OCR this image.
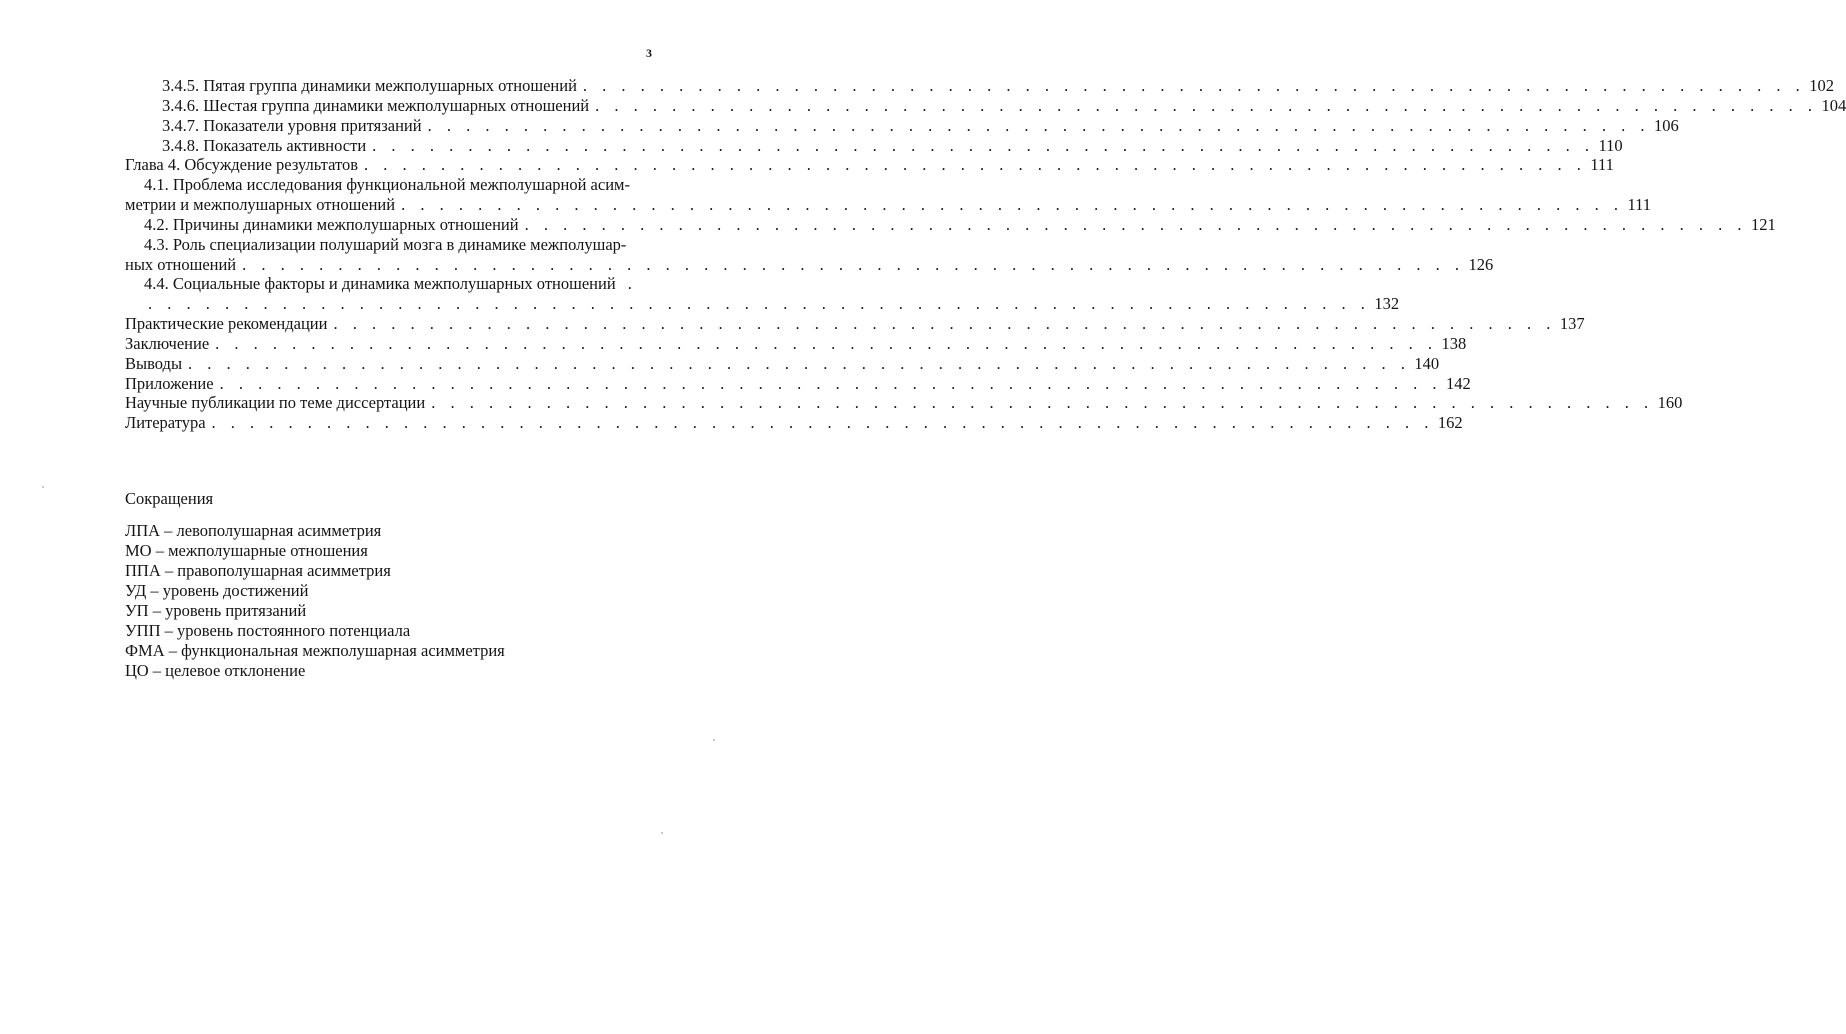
3
3.4.5. Пятая группа динамики межполушарных отношений . . . . . . . . . . . . . . . . . . . . . . . . . . . . . . . . . . . . . . . . . . . . . . . . . . . . . . . . . . . . . . . . 102
3.4.6. Шестая группа динамики межполушарных отношений . . . . . . . . . . . . . . . . . . . . . . . . . . . . . . . . . . . . . . . . . . . . . . . . . . . . . . . . . . . . . . . . 104
3.4.7. Показатели уровня притязаний . . . . . . . . . . . . . . . . . . . . . . . . . . . . . . . . . . . . . . . . . . . . . . . . . . . . . . . . . . . . . . . . 106
3.4.8. Показатель активности . . . . . . . . . . . . . . . . . . . . . . . . . . . . . . . . . . . . . . . . . . . . . . . . . . . . . . . . . . . . . . . . 110
Глава 4. Обсуждение результатов . . . . . . . . . . . . . . . . . . . . . . . . . . . . . . . . . . . . . . . . . . . . . . . . . . . . . . . . . . . . . . . . 111
4.1. Проблема исследования функциональной межполушарной асим-
метрии и межполушарных отношений . . . . . . . . . . . . . . . . . . . . . . . . . . . . . . . . . . . . . . . . . . . . . . . . . . . . . . . . . . . . . . . . 111
4.2. Причины динамики межполушарных отношений . . . . . . . . . . . . . . . . . . . . . . . . . . . . . . . . . . . . . . . . . . . . . . . . . . . . . . . . . . . . . . . . 121
4.3. Роль специализации полушарий мозга в динамике межполушар-
ных отношений . . . . . . . . . . . . . . . . . . . . . . . . . . . . . . . . . . . . . . . . . . . . . . . . . . . . . . . . . . . . . . . . 126
4.4. Социальные факторы и динамика межполушарных отношений .
. . . . . . . . . . . . . . . . . . . . . . . . . . . . . . . . . . . . . . . . . . . . . . . . . . . . . . . . . . . . . . . . 132
Практические рекомендации . . . . . . . . . . . . . . . . . . . . . . . . . . . . . . . . . . . . . . . . . . . . . . . . . . . . . . . . . . . . . . . . 137
Заключение . . . . . . . . . . . . . . . . . . . . . . . . . . . . . . . . . . . . . . . . . . . . . . . . . . . . . . . . . . . . . . . . 138
Выводы . . . . . . . . . . . . . . . . . . . . . . . . . . . . . . . . . . . . . . . . . . . . . . . . . . . . . . . . . . . . . . . . 140
Приложение . . . . . . . . . . . . . . . . . . . . . . . . . . . . . . . . . . . . . . . . . . . . . . . . . . . . . . . . . . . . . . . . 142
Научные публикации по теме диссертации . . . . . . . . . . . . . . . . . . . . . . . . . . . . . . . . . . . . . . . . . . . . . . . . . . . . . . . . . . . . . . . . 160
Литература . . . . . . . . . . . . . . . . . . . . . . . . . . . . . . . . . . . . . . . . . . . . . . . . . . . . . . . . . . . . . . . . 162
Сокращения
ЛПА – левополушарная асимметрия
МО – межполушарные отношения
ППА – правополушарная асимметрия
УД – уровень достижений
УП – уровень притязаний
УПП – уровень постоянного потенциала
ФМА – функциональная межполушарная асимметрия
ЦО – целевое отклонение
